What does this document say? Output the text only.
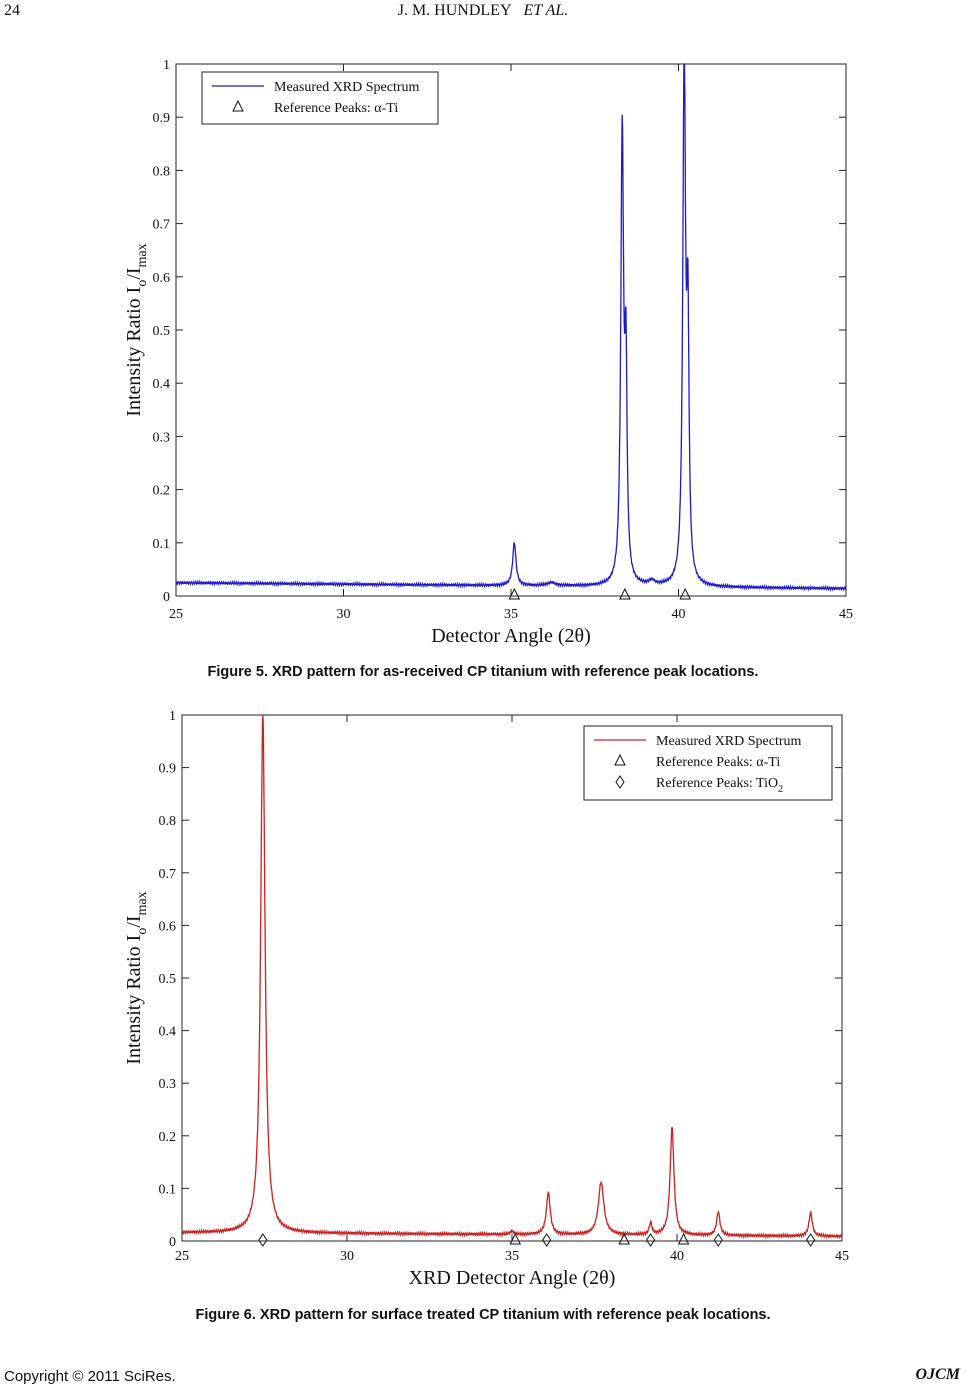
24	J. M. HUNDLEY ET AL.
0
0.1
0.2
0.3
0.4
0.5
0.6
0.7
0.8
0.9
1
25	30	35	40	45
Detector Angle (2θ)
Intensity Ratio $I_o/I_{max}$
Measured XRD Spectrum
Reference Peaks: α-Ti
Figure 5. XRD pattern for as-received CP titanium with reference peak locations.
0
0.1
0.2
0.3
0.4
0.5
0.6
0.7
0.8
0.9
1
25	30	35	40	45
XRD Detector Angle (2θ)
Intensity Ratio $I_o/I_{max}$
Measured XRD Spectrum
Reference Peaks: α-Ti
Reference Peaks: TiO$_2$
Figure 6. XRD pattern for surface treated CP titanium with reference peak locations.
Copyright © 2011 SciRes.	OJCM
